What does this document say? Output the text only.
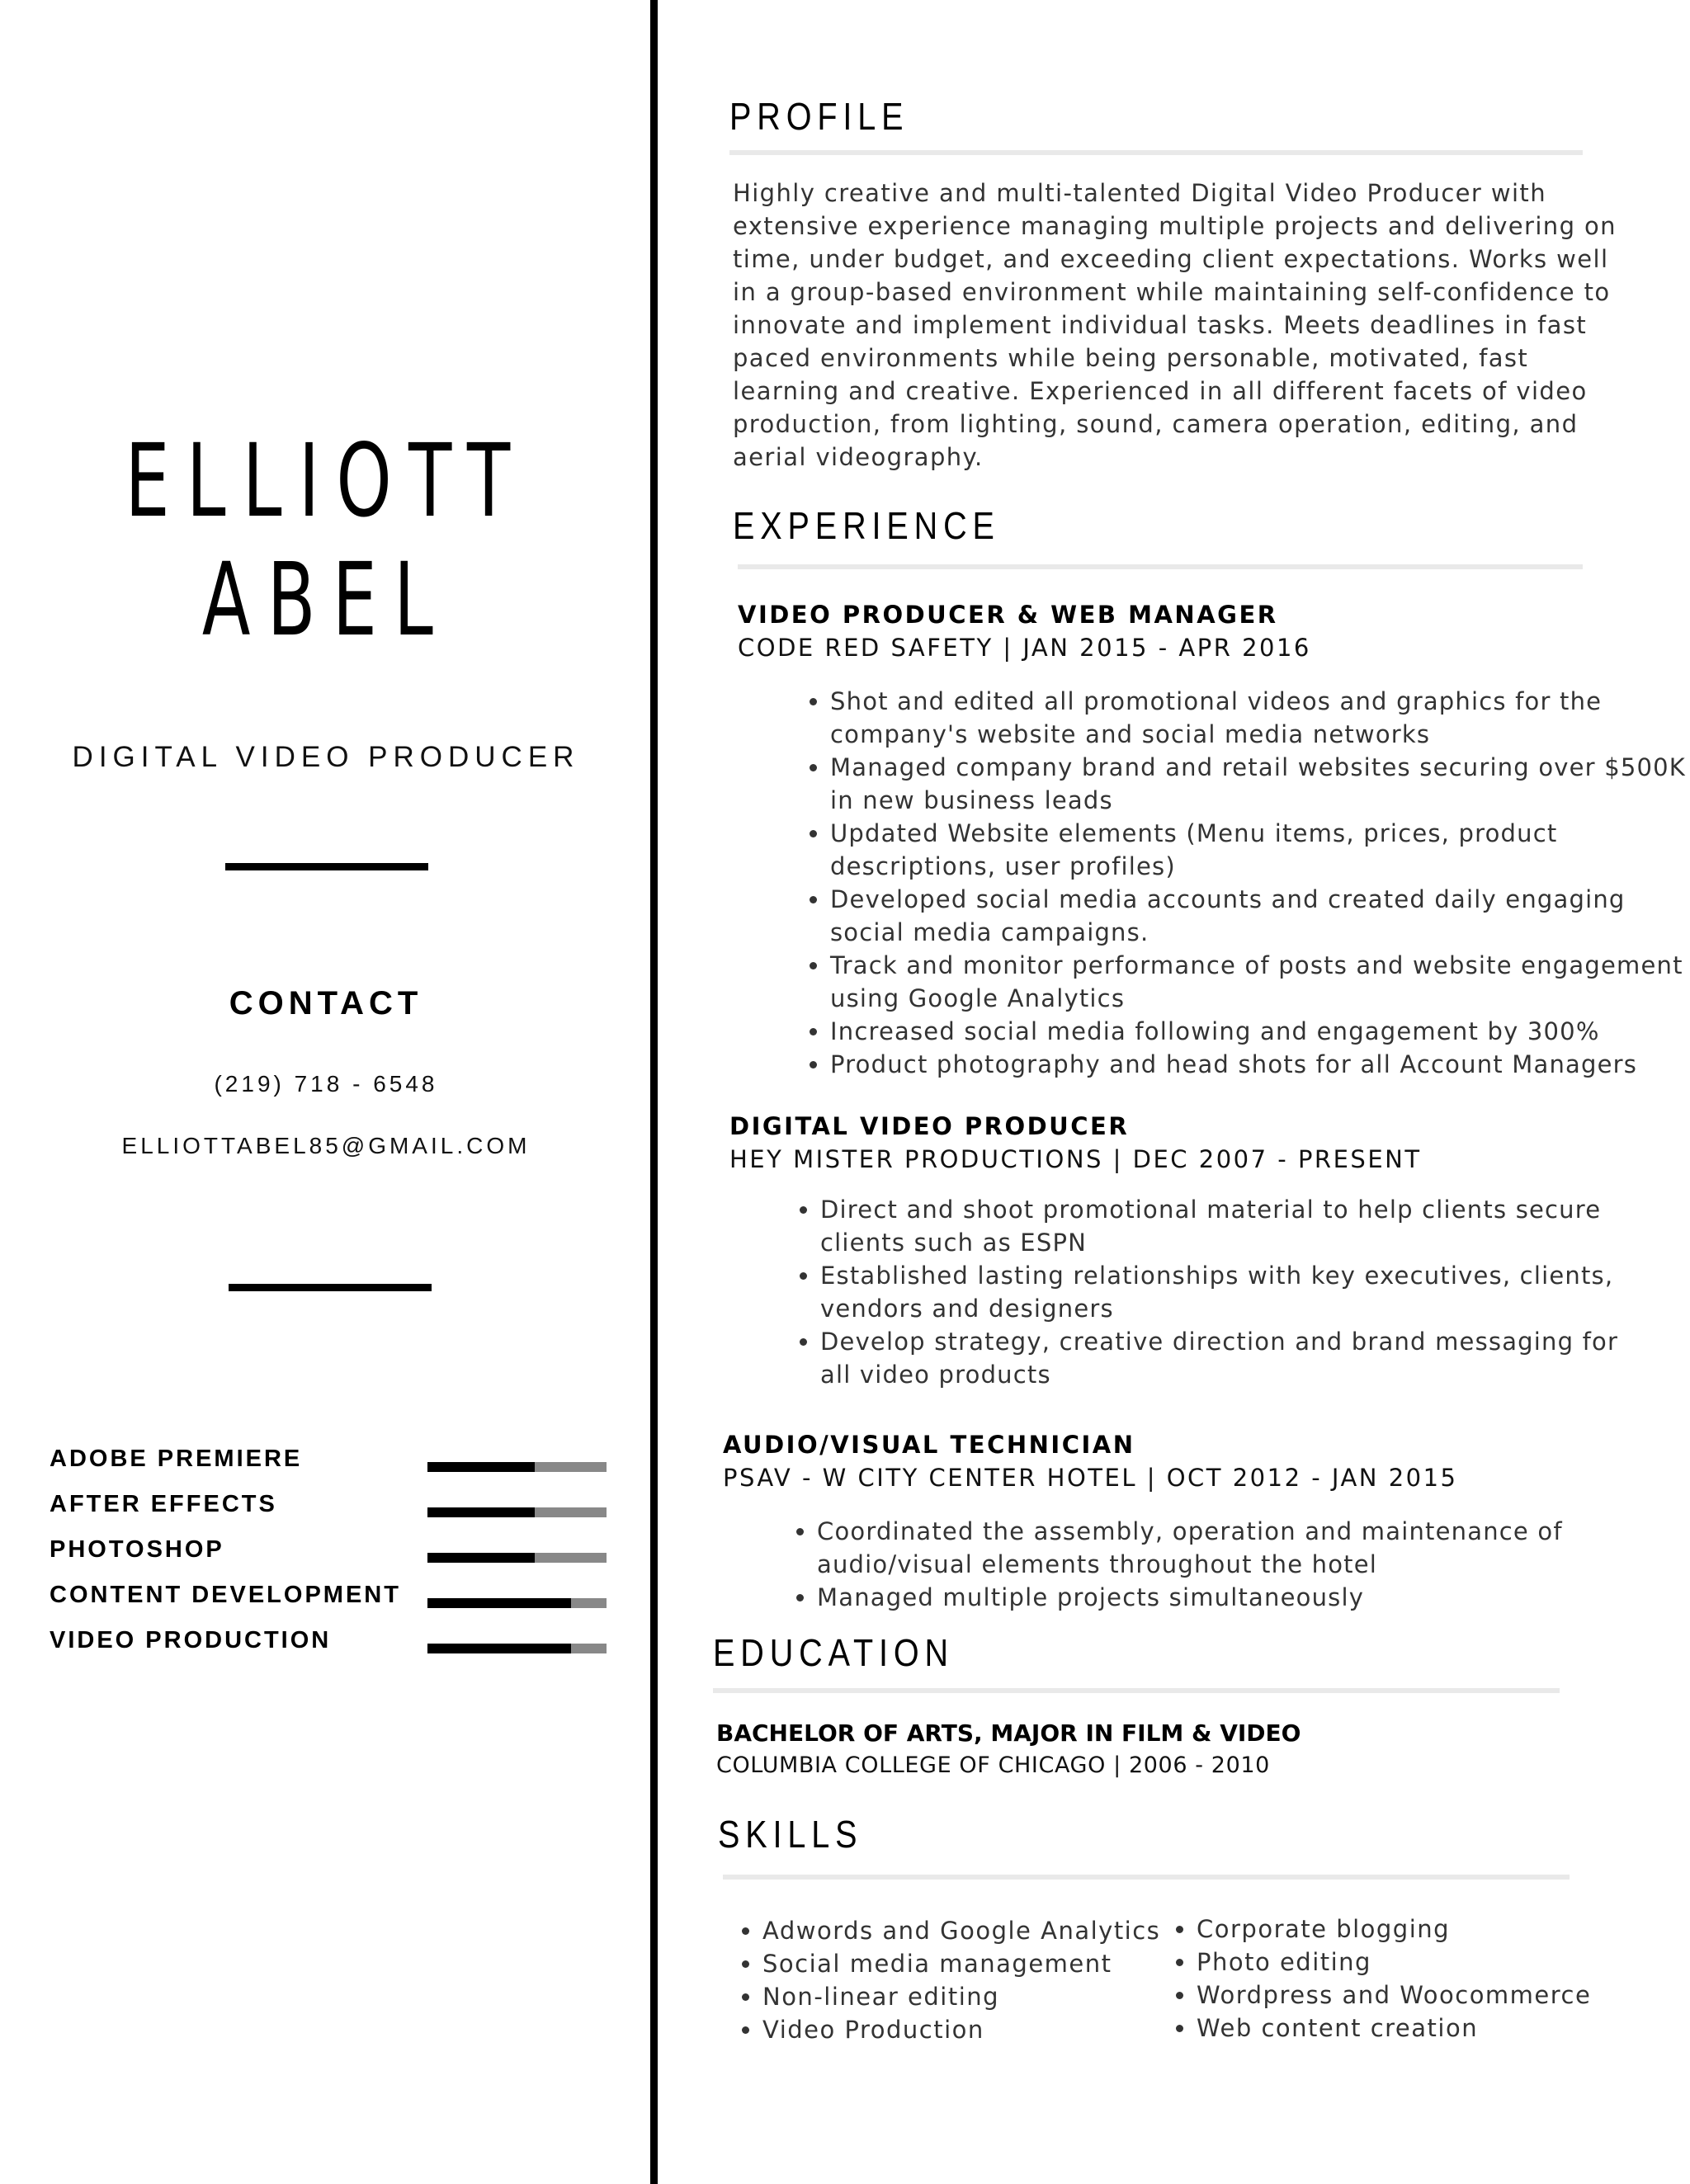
ELLIOTT
ABEL
DIGITAL VIDEO PRODUCER
CONTACT
(219) 718 - 6548
ELLIOTTABEL85@GMAIL.COM
ADOBE PREMIERE
AFTER EFFECTS
PHOTOSHOP
CONTENT DEVELOPMENT
VIDEO PRODUCTION
PROFILE
Highly creative and multi-talented Digital Video Producer with extensive experience managing multiple projects and delivering on time, under budget, and exceeding client expectations. Works well in a group-based environment while maintaining self-confidence to innovate and implement individual tasks. Meets deadlines in fast paced environments while being personable, motivated, fast learning and creative. Experienced in all different facets of video production, from lighting, sound, camera operation, editing, and aerial videography.
EXPERIENCE
VIDEO PRODUCER & WEB MANAGER
CODE RED SAFETY | JAN 2015 - APR 2016
• Shot and edited all promotional videos and graphics for the company's website and social media networks
• Managed company brand and retail websites securing over $500K in new business leads
• Updated Website elements (Menu items, prices, product descriptions, user profiles)
• Developed social media accounts and created daily engaging social media campaigns.
• Track and monitor performance of posts and website engagement using Google Analytics
• Increased social media following and engagement by 300%
• Product photography and head shots for all Account Managers
DIGITAL VIDEO PRODUCER
HEY MISTER PRODUCTIONS | DEC 2007 - PRESENT
• Direct and shoot promotional material to help clients secure clients such as ESPN
• Established lasting relationships with key executives, clients, vendors and designers
• Develop strategy, creative direction and brand messaging for all video products
AUDIO/VISUAL TECHNICIAN
PSAV - W CITY CENTER HOTEL | OCT 2012 - JAN 2015
• Coordinated the assembly, operation and maintenance of audio/visual elements throughout the hotel
• Managed multiple projects simultaneously
EDUCATION
BACHELOR OF ARTS, MAJOR IN FILM & VIDEO
COLUMBIA COLLEGE OF CHICAGO | 2006 - 2010
SKILLS
• Adwords and Google Analytics
• Social media management
• Non-linear editing
• Video Production
• Corporate blogging
• Photo editing
• Wordpress and Woocommerce
• Web content creation
